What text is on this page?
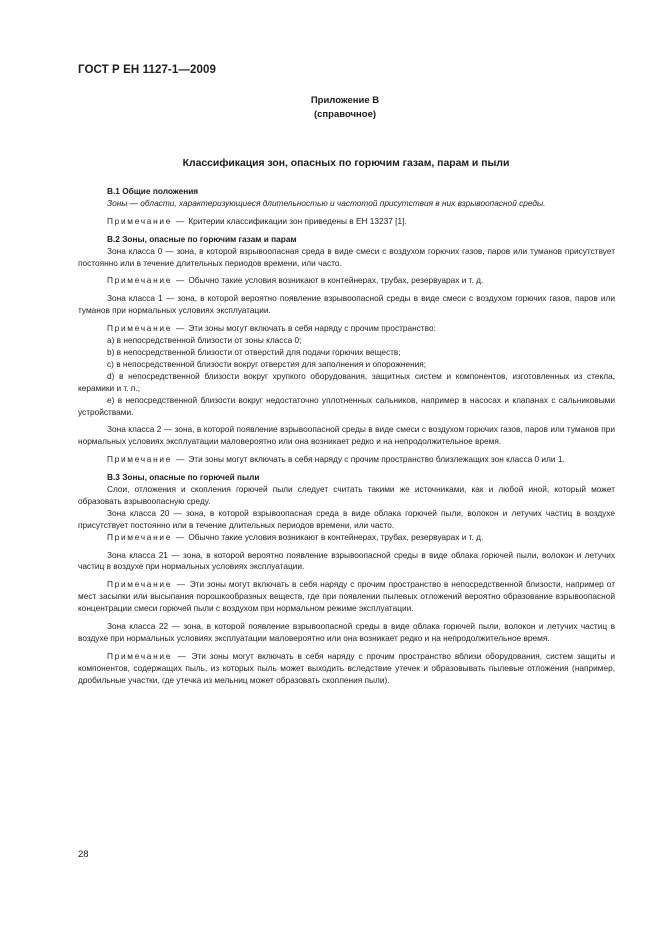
ГОСТ Р ЕН 1127-1—2009
Приложение В
(справочное)
Классификация зон, опасных по горючим газам, парам и пыли

В.1 Общие положения

Зоны — области, характеризующиеся длительностью и частотой присутствия в них взрывоопасной среды.

Примечание — Критерии классификации зон приведены в ЕН 13237 [1].

В.2 Зоны, опасные по горючим газам и парам

Зона класса 0 — зона, в которой взрывоопасная среда в виде смеси с воздухом горючих газов, паров или туманов присутствует постоянно или в течение длительных периодов времени, или часто.

Примечание — Обычно такие условия возникают в контейнерах, трубах, резервуарах и т. д.

Зона класса 1 — зона, в которой вероятно появление взрывоопасной среды в виде смеси с воздухом горючих газов, паров или туманов при нормальных условиях эксплуатации.

Примечание — Эти зоны могут включать в себя наряду с прочим пространство:

a) в непосредственной близости от зоны класса 0;

b) в непосредственной близости от отверстий для подачи горючих веществ;

c) в непосредственной близости вокруг отверстия для заполнения и опорожнения;

d) в непосредственной близости вокруг хрупкого оборудования, защитных систем и компонентов, изготовленных из стекла, керамики и т. п.;

e) в непосредственной близости вокруг недостаточно уплотненных сальников, например в насосах и клапанах с сальниковыми устройствами.

Зона класса 2 — зона, в которой появление взрывоопасной среды в виде смеси с воздухом горючих газов, паров или туманов при нормальных условиях эксплуатации маловероятно или она возникает редко и на непродолжительное время.

Примечание — Эти зоны могут включать в себя наряду с прочим пространство близлежащих зон класса 0 или 1.

В.3 Зоны, опасные по горючей пыли

Слои, отложения и скопления горючей пыли следует считать такими же источниками, как и любой иной, который может образовать взрывоопасную среду.

Зона класса 20 — зона, в которой взрывоопасная среда в виде облака горючей пыли, волокон и летучих частиц в воздухе присутствует постоянно или в течение длительных периодов времени, или часто.

Примечание — Обычно такие условия возникают в контейнерах, трубах, резервуарах и т. д.

Зона класса 21 — зона, в которой вероятно появление взрывоопасной среды в виде облака горючей пыли, волокон и летучих частиц в воздухе при нормальных условиях эксплуатации.

Примечание — Эти зоны могут включать в себя наряду с прочим пространство в непосредственной близости, например от мест засыпки или высыпания порошкообразных веществ, где при появлении пылевых отложений вероятно образование взрывоопасной концентрации смеси горючей пыли с воздухом при нормальном режиме эксплуатации.

Зона класса 22 — зона, в которой появление взрывоопасной среды в виде облака горючей пыли, волокон и летучих частиц в воздухе при нормальных условиях эксплуатации маловероятно или она возникает редко и на непродолжительное время.

Примечание — Эти зоны могут включать в себя наряду с прочим пространство вблизи оборудования, систем защиты и компонентов, содержащих пыль, из которых пыль может выходить вследствие утечек и образовывать пылевые отложения (например, дробильные участки, где утечка из мельниц может образовать скопления пыли).

28
